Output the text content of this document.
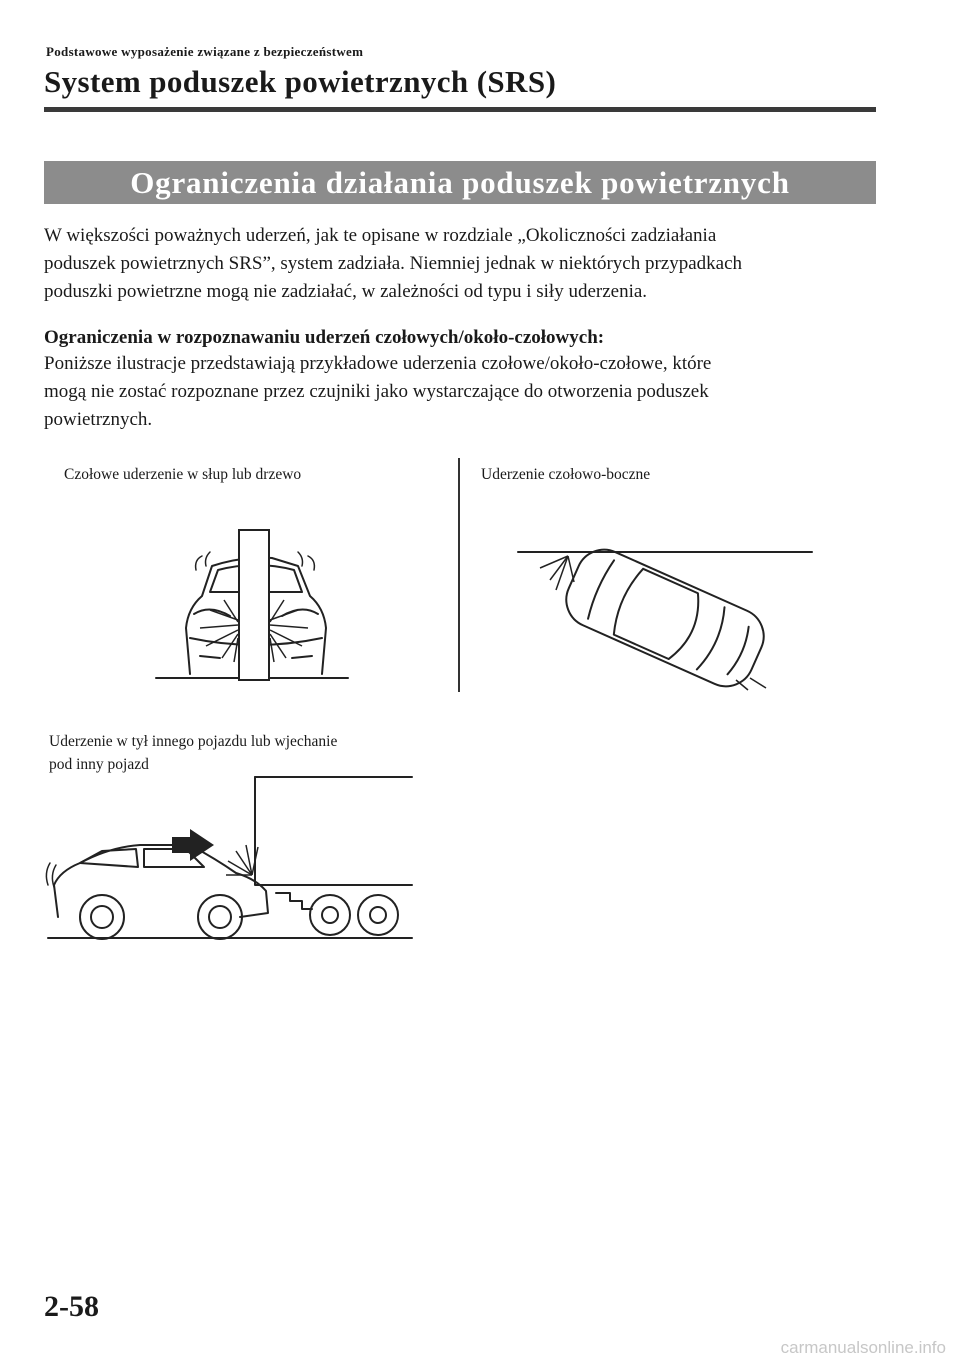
Podstawowe wyposażenie związane z bezpieczeństwem
System poduszek powietrznych (SRS)
Ograniczenia działania poduszek powietrznych
W większości poważnych uderzeń, jak te opisane w rozdziale „Okoliczności zadziałania
poduszek powietrznych SRS”, system zadziała. Niemniej jednak w niektórych przypadkach
poduszki powietrzne mogą nie zadziałać, w zależności od typu i siły uderzenia.
Ograniczenia w rozpoznawaniu uderzeń czołowych/około-czołowych:
Poniższe ilustracje przedstawiają przykładowe uderzenia czołowe/około-czołowe, które
mogą nie zostać rozpoznane przez czujniki jako wystarczające do otworzenia poduszek
powietrznych.
Czołowe uderzenie w słup lub drzewo	Uderzenie czołowo-boczne
Uderzenie w tył innego pojazdu lub wjechanie
pod inny pojazd
2-58
carmanualsonline.info
